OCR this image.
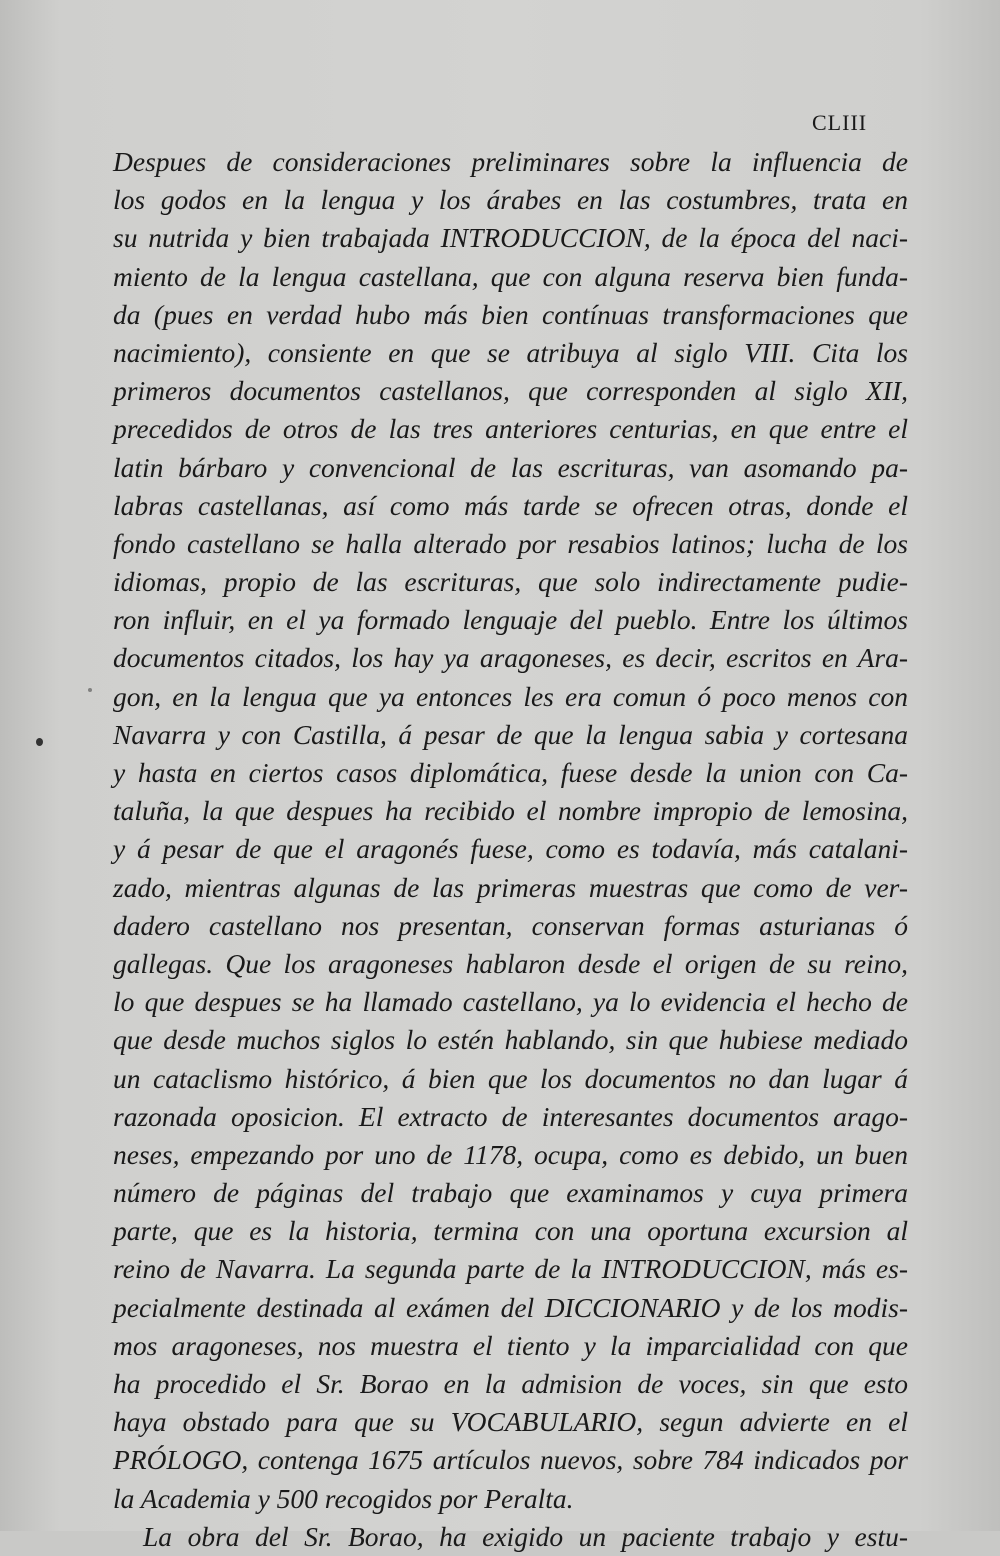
CLIII
Despues de consideraciones preliminares sobre la influencia de
los godos en la lengua y los árabes en las costumbres, trata en
su nutrida y bien trabajada INTRODUCCION, de la época del naci-
miento de la lengua castellana, que con alguna reserva bien funda-
da (pues en verdad hubo más bien contínuas transformaciones que
nacimiento), consiente en que se atribuya al siglo VIII. Cita los
primeros documentos castellanos, que corresponden al siglo XII,
precedidos de otros de las tres anteriores centurias, en que entre el
latin bárbaro y convencional de las escrituras, van asomando pa-
labras castellanas, así como más tarde se ofrecen otras, donde el
fondo castellano se halla alterado por resabios latinos; lucha de los
idiomas, propio de las escrituras, que solo indirectamente pudie-
ron influir, en el ya formado lenguaje del pueblo. Entre los últimos
documentos citados, los hay ya aragoneses, es decir, escritos en Ara-
gon, en la lengua que ya entonces les era comun ó poco menos con
Navarra y con Castilla, á pesar de que la lengua sabia y cortesana
y hasta en ciertos casos diplomática, fuese desde la union con Ca-
taluña, la que despues ha recibido el nombre impropio de lemosina,
y á pesar de que el aragonés fuese, como es todavía, más catalani-
zado, mientras algunas de las primeras muestras que como de ver-
dadero castellano nos presentan, conservan formas asturianas ó
gallegas. Que los aragoneses hablaron desde el origen de su reino,
lo que despues se ha llamado castellano, ya lo evidencia el hecho de
que desde muchos siglos lo estén hablando, sin que hubiese mediado
un cataclismo histórico, á bien que los documentos no dan lugar á
razonada oposicion. El extracto de interesantes documentos arago-
neses, empezando por uno de 1178, ocupa, como es debido, un buen
número de páginas del trabajo que examinamos y cuya primera
parte, que es la historia, termina con una oportuna excursion al
reino de Navarra. La segunda parte de la INTRODUCCION, más es-
pecialmente destinada al exámen del DICCIONARIO y de los modis-
mos aragoneses, nos muestra el tiento y la imparcialidad con que
ha procedido el Sr. Borao en la admision de voces, sin que esto
haya obstado para que su VOCABULARIO, segun advierte en el
PRÓLOGO, contenga 1675 artículos nuevos, sobre 784 indicados por
la Academia y 500 recogidos por Peralta.
La obra del Sr. Borao, ha exigido un paciente trabajo y estu-
